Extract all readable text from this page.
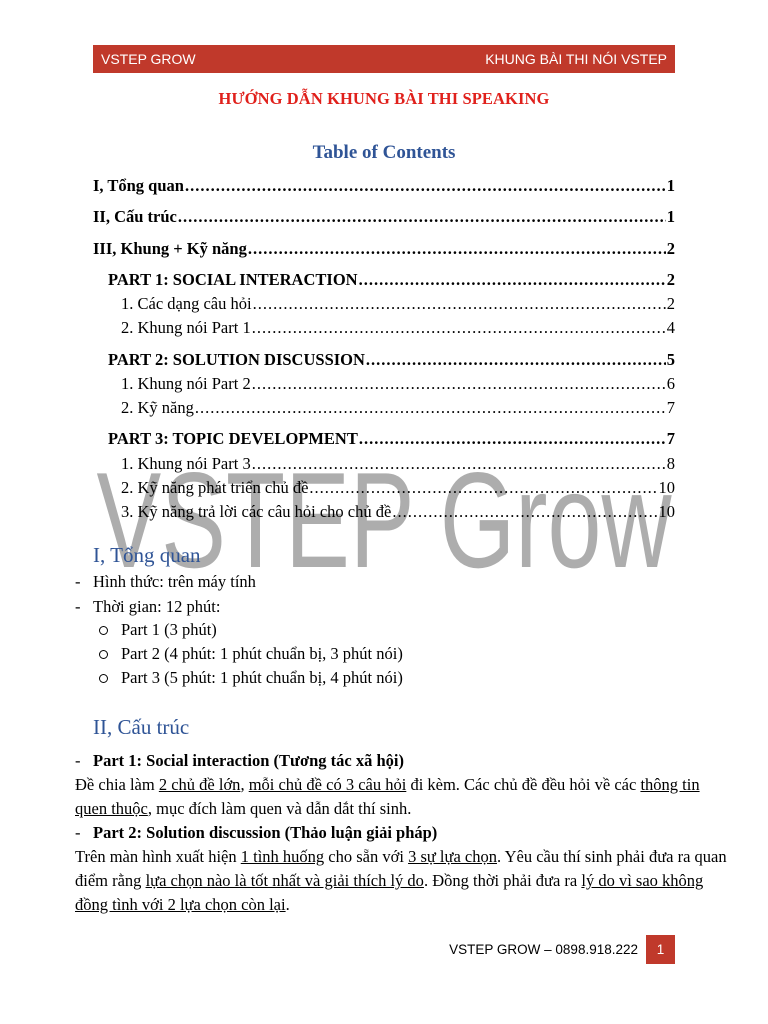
VSTEP GROW	KHUNG BÀI THI NÓI VSTEP
HƯỚNG DẪN KHUNG BÀI THI SPEAKING
Table of Contents
I, Tổng quan .....	1
II, Cấu trúc .....	1
III, Khung + Kỹ năng .....	2
PART 1: SOCIAL INTERACTION .....	2
1. Các dạng câu hỏi .....	2
2. Khung nói Part 1 .....	4
PART 2: SOLUTION DISCUSSION .....	5
1. Khung nói Part 2 .....	6
2. Kỹ năng .....	7
PART 3: TOPIC DEVELOPMENT .....	7
1. Khung nói Part 3 .....	8
2. Kỹ năng phát triển chủ đề .....	10
3. Kỹ năng trả lời các câu hỏi cho chủ đề .....	10
VSTEP Grow
I, Tổng quan
- Hình thức: trên máy tính
- Thời gian: 12 phút:
Part 1 (3 phút)
Part 2 (4 phút: 1 phút chuẩn bị, 3 phút nói)
Part 3 (5 phút: 1 phút chuẩn bị, 4 phút nói)
II, Cấu trúc
- Part 1: Social interaction (Tương tác xã hội)
Đề chia làm 2 chủ đề lớn, mỗi chủ đề có 3 câu hỏi đi kèm. Các chủ đề đều hỏi về các thông tin quen thuộc, mục đích làm quen và dẫn dắt thí sinh.
- Part 2: Solution discussion (Thảo luận giải pháp)
Trên màn hình xuất hiện 1 tình huống cho sẵn với 3 sự lựa chọn. Yêu cầu thí sinh phải đưa ra quan điểm rằng lựa chọn nào là tốt nhất và giải thích lý do. Đồng thời phải đưa ra lý do vì sao không đồng tình với 2 lựa chọn còn lại.
VSTEP GROW – 0898.918.222	1
